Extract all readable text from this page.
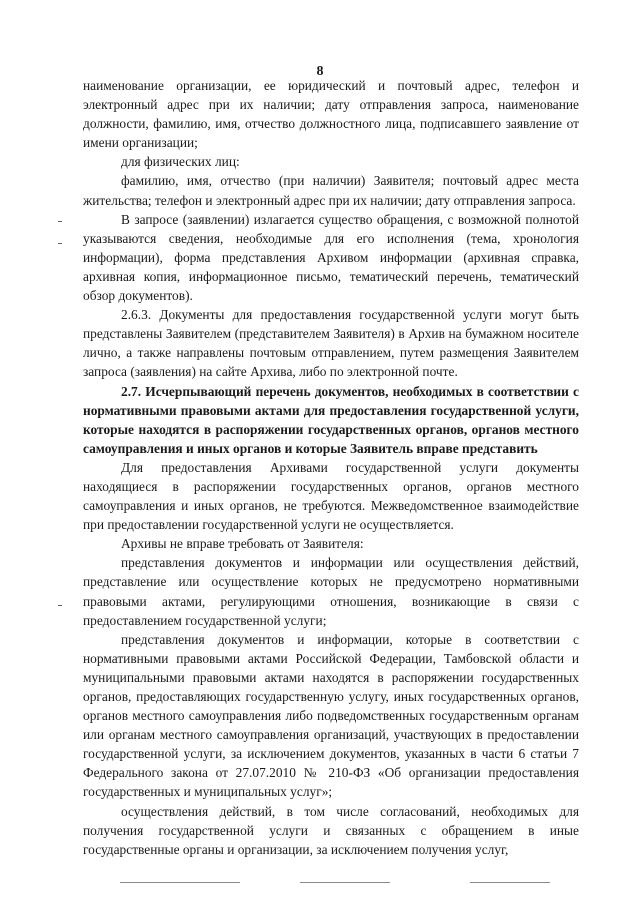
8

наименование организации, ее юридический и почтовый адрес, телефон и электронный адрес при их наличии; дату отправления запроса, наименование должности, фамилию, имя, отчество должностного лица, подписавшего заявление от имени организации;

для физических лиц:

фамилию, имя, отчество (при наличии) Заявителя; почтовый адрес места жительства; телефон и электронный адрес при их наличии; дату отправления запроса.

В запросе (заявлении) излагается существо обращения, с возможной полнотой указываются сведения, необходимые для его исполнения (тема, хронология информации), форма представления Архивом информации (архивная справка, архивная копия, информационное письмо, тематический перечень, тематический обзор документов).

2.6.3. Документы для предоставления государственной услуги могут быть представлены Заявителем (представителем Заявителя) в Архив на бумажном носителе лично, а также направлены почтовым отправлением, путем размещения Заявителем запроса (заявления) на сайте Архива, либо по электронной почте.

2.7. Исчерпывающий перечень документов, необходимых в соответствии с нормативными правовыми актами для предоставления государственной услуги, которые находятся в распоряжении государственных органов, органов местного самоуправления и иных органов и которые Заявитель вправе представить

Для предоставления Архивами государственной услуги документы находящиеся в распоряжении государственных органов, органов местного самоуправления и иных органов, не требуются. Межведомственное взаимодействие при предоставлении государственной услуги не осуществляется.

Архивы не вправе требовать от Заявителя:

представления документов и информации или осуществления действий, представление или осуществление которых не предусмотрено нормативными правовыми актами, регулирующими отношения, возникающие в связи с предоставлением государственной услуги;

представления документов и информации, которые в соответствии с нормативными правовыми актами Российской Федерации, Тамбовской области и муниципальными правовыми актами находятся в распоряжении государственных органов, предоставляющих государственную услугу, иных государственных органов, органов местного самоуправления либо подведомственных государственным органам или органам местного самоуправления организаций, участвующих в предоставлении государственной услуги, за исключением документов, указанных в части 6 статьи 7 Федерального закона от 27.07.2010 № 210-ФЗ «Об организации предоставления государственных и муниципальных услуг»;

осуществления действий, в том числе согласований, необходимых для получения государственной услуги и связанных с обращением в иные государственные органы и организации, за исключением получения услуг,
